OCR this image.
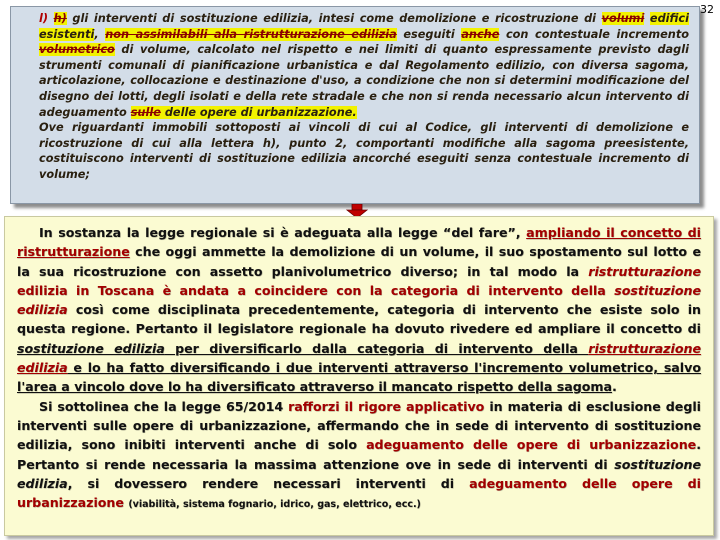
32

l) h) gli interventi di sostituzione edilizia, intesi come demolizione e ricostruzione di volumi edifici esistenti, non assimilabili alla ristrutturazione edilizia eseguiti anche con contestuale incremento volumetrico di volume, calcolato nel rispetto e nei limiti di quanto espressamente previsto dagli strumenti comunali di pianificazione urbanistica e dal Regolamento edilizio, con diversa sagoma, articolazione, collocazione e destinazione d'uso, a condizione che non si determini modificazione del disegno dei lotti, degli isolati e della rete stradale e che non si renda necessario alcun intervento di adeguamento sulle delle opere di urbanizzazione.

Ove riguardanti immobili sottoposti ai vincoli di cui al Codice, gli interventi di demolizione e ricostruzione di cui alla lettera h), punto 2, comportanti modifiche alla sagoma preesistente, costituiscono interventi di sostituzione edilizia ancorché eseguiti senza contestuale incremento di volume;

In sostanza la legge regionale si è adeguata alla legge “del fare”, ampliando il concetto di ristrutturazione che oggi ammette la demolizione di un volume, il suo spostamento sul lotto e la sua ricostruzione con assetto planivolumetrico diverso; in tal modo la ristrutturazione edilizia in Toscana è andata a coincidere con la categoria di intervento della sostituzione edilizia così come disciplinata precedentemente, categoria di intervento che esiste solo in questa regione. Pertanto il legislatore regionale ha dovuto rivedere ed ampliare il concetto di sostituzione edilizia per diversificarlo dalla categoria di intervento della ristrutturazione edilizia e lo ha fatto diversificando i due interventi attraverso l'incremento volumetrico, salvo l'area a vincolo dove lo ha diversificato attraverso il mancato rispetto della sagoma.

Si sottolinea che la legge 65/2014 rafforzi il rigore applicativo in materia di esclusione degli interventi sulle opere di urbanizzazione, affermando che in sede di intervento di sostituzione edilizia, sono inibiti interventi anche di solo adeguamento delle opere di urbanizzazione. Pertanto si rende necessaria la massima attenzione ove in sede di interventi di sostituzione edilizia, si dovessero rendere necessari interventi di adeguamento delle opere di urbanizzazione (viabilità, sistema fognario, idrico, gas, elettrico, ecc.)
